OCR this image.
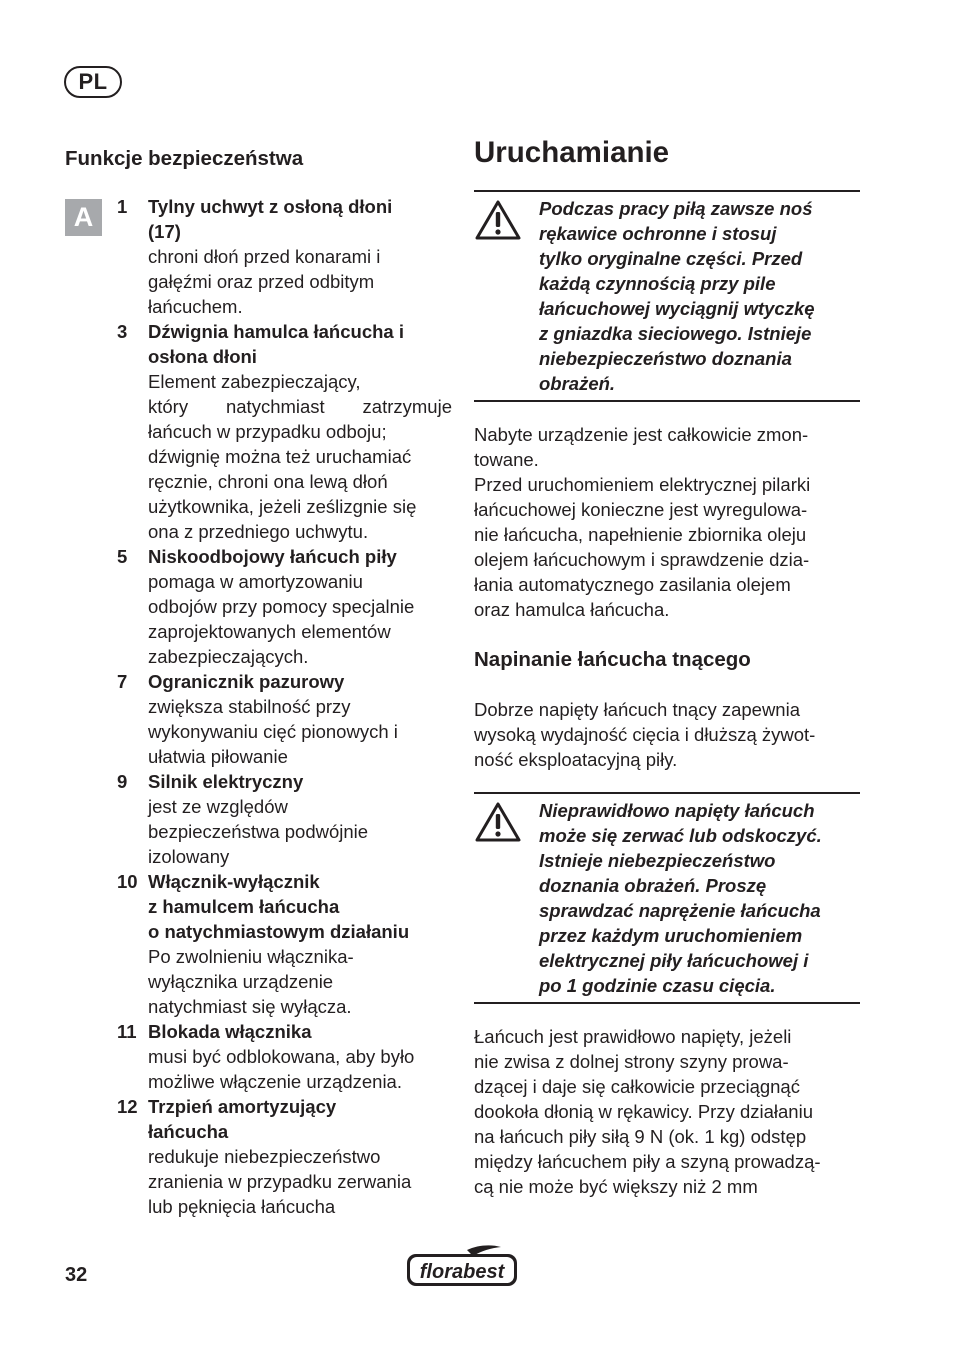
PL
Funkcje bezpieczeństwa
A	1	Tylny uchwyt z osłoną dłoni
(17)
chroni dłoń przed konarami i
gałęźmi oraz przed odbitym
łańcuchem.
3	Dźwignia hamulca łańcucha i
osłona dłoni
Element zabezpieczający,
który natychmiast zatrzymuje
łańcuch w przypadku odboju;
dźwignię można też uruchamiać
ręcznie, chroni ona lewą dłoń
użytkownika, jeżeli ześlizgnie się
ona z przedniego uchwytu.
5	Niskoodbojowy łańcuch piły
pomaga w amortyzowaniu
odbojów przy pomocy specjalnie
zaprojektowanych elementów
zabezpieczających.
7	Ogranicznik pazurowy
zwiększa stabilność przy
wykonywaniu cięć pionowych i
ułatwia piłowanie
9	Silnik elektryczny
jest ze względów
bezpieczeństwa podwójnie
izolowany
10 Włącznik-wyłącznik
z hamulcem łańcucha
o natychmiastowym działaniu
Po zwolnieniu włącznika-
wyłącznika urządzenie
natychmiast się wyłącza.
11 Blokada włącznika
musi być odblokowana, aby było
możliwe włączenie urządzenia.
12 Trzpień amortyzujący
łańcucha
redukuje niebezpieczeństwo
zranienia w przypadku zerwania
lub pęknięcia łańcucha
Uruchamianie
Podczas pracy piłą zawsze noś
rękawice ochronne i stosuj
tylko oryginalne części. Przed
każdą czynnością przy pile
łańcuchowej wyciągnij wtyczkę
z gniazdka sieciowego. Istnieje
niebezpieczeństwo doznania
obrażeń.
Nabyte urządzenie jest całkowicie zmon-
towane.
Przed uruchomieniem elektrycznej pilarki
łańcuchowej konieczne jest wyregulowa-
nie łańcucha, napełnienie zbiornika oleju
olejem łańcuchowym i sprawdzenie dzia-
łania automatycznego zasilania olejem
oraz hamulca łańcucha.
Napinanie łańcucha tnącego
Dobrze napięty łańcuch tnący zapewnia
wysoką wydajność cięcia i dłuższą żywot-
ność eksploatacyjną piły.
Nieprawidłowo napięty łańcuch
może się zerwać lub odskoczyć.
Istnieje niebezpieczeństwo
doznania obrażeń. Proszę
sprawdzać naprężenie łańcucha
przez każdym uruchomieniem
elektrycznej piły łańcuchowej i
po 1 godzinie czasu cięcia.
Łańcuch jest prawidłowo napięty, jeżeli
nie zwisa z dolnej strony szyny prowa-
dzącej i daje się całkowicie przeciągnąć
dookoła dłonią w rękawicy. Przy działaniu
na łańcuch piły siłą 9 N (ok. 1 kg) odstęp
między łańcuchem piły a szyną prowadzą-
cą nie może być większy niż 2 mm
32	florabest
